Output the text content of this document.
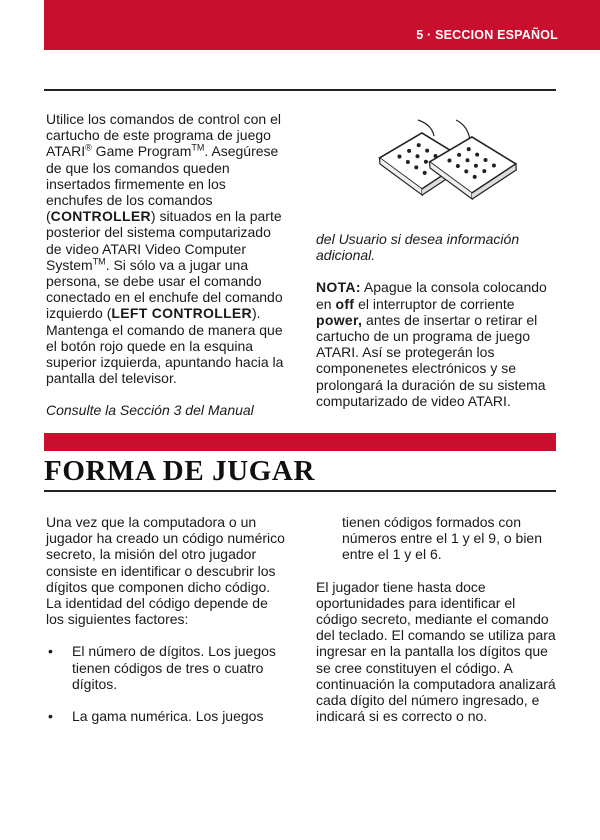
5 · SECCION ESPAÑOL

Utilice los comandos de control con el cartucho de este programa de juego ATARI® Game Program™. Asegúrese de que los comandos queden insertados firmemente en los enchufes de los comandos (CONTROLLER) situados en la parte posterior del sistema computarizado de video ATARI Video Computer System™. Si sólo va a jugar una persona, se debe usar el comando conectado en el enchufe del comando izquierdo (LEFT CONTROLLER). Mantenga el comando de manera que el botón rojo quede en la esquina superior izquierda, apuntando hacia la pantalla del televisor.

Consulte la Sección 3 del Manual

del Usuario si desea información adicional.

NOTA: Apague la consola colocando en off el interruptor de corriente power, antes de insertar o retirar el cartucho de un programa de juego ATARI. Así se protegerán los componenetes electrónicos y se prolongará la duración de su sistema computarizado de video ATARI.

FORMA DE JUGAR

Una vez que la computadora o un jugador ha creado un código numérico secreto, la misión del otro jugador consiste en identificar o descubrir los dígitos que componen dicho código. La identidad del código depende de los siguientes factores:

• El número de dígitos. Los juegos tienen códigos de tres o cuatro dígitos.
• La gama numérica. Los juegos

tienen códigos formados con números entre el 1 y el 9, o bien entre el 1 y el 6.

El jugador tiene hasta doce oportunidades para identificar el código secreto, mediante el comando del teclado. El comando se utiliza para ingresar en la pantalla los dígitos que se cree constituyen el código. A continuación la computadora analizará cada dígito del número ingresado, e indicará si es correcto o no.
